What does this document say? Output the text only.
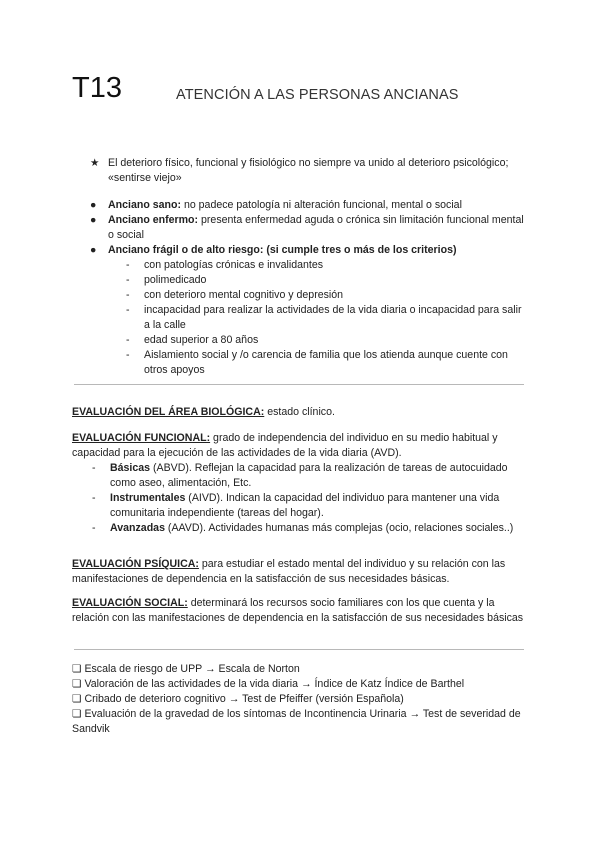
T13	ATENCIÓN A LAS PERSONAS ANCIANAS
★ El deterioro físico, funcional y fisiológico no siempre va unido al deterioro psicológico; «sentirse viejo»
●	Anciano sano: no padece patología ni alteración funcional, mental o social
●	Anciano enfermo: presenta enfermedad aguda o crónica sin limitación funcional mental o social
●	Anciano frágil o de alto riesgo: (si cumple tres o más de los criterios)
-	con patologías crónicas e invalidantes
-	polimedicado
-	con deterioro mental cognitivo y depresión
-	incapacidad para realizar la actividades de la vida diaria o incapacidad para salir a la calle
-	edad superior a 80 años
-	Aislamiento social y /o carencia de familia que los atienda aunque cuente con otros apoyos
EVALUACIÓN DEL ÁREA BIOLÓGICA: estado clínico.
EVALUACIÓN FUNCIONAL: grado de independencia del individuo en su medio habitual y capacidad para la ejecución de las actividades de la vida diaria (AVD).
-	Básicas (ABVD). Reflejan la capacidad para la realización de tareas de autocuidado como aseo, alimentación, Etc.
-	Instrumentales (AIVD). Indican la capacidad del individuo para mantener una vida comunitaria independiente (tareas del hogar).
-	Avanzadas (AAVD). Actividades humanas más complejas (ocio, relaciones sociales..)
EVALUACIÓN PSÍQUICA: para estudiar el estado mental del individuo y su relación con las manifestaciones de dependencia en la satisfacción de sus necesidades básicas.
EVALUACIÓN SOCIAL: determinará los recursos socio familiares con los que cuenta y la relación con las manifestaciones de dependencia en la satisfacción de sus necesidades básicas
❏ Escala de riesgo de UPP → Escala de Norton
❏ Valoración de las actividades de la vida diaria → Índice de Katz Índice de Barthel
❏ Cribado de deterioro cognitivo → Test de Pfeiffer (versión Española)
❏ Evaluación de la gravedad de los síntomas de Incontinencia Urinaria → Test de severidad de Sandvik
